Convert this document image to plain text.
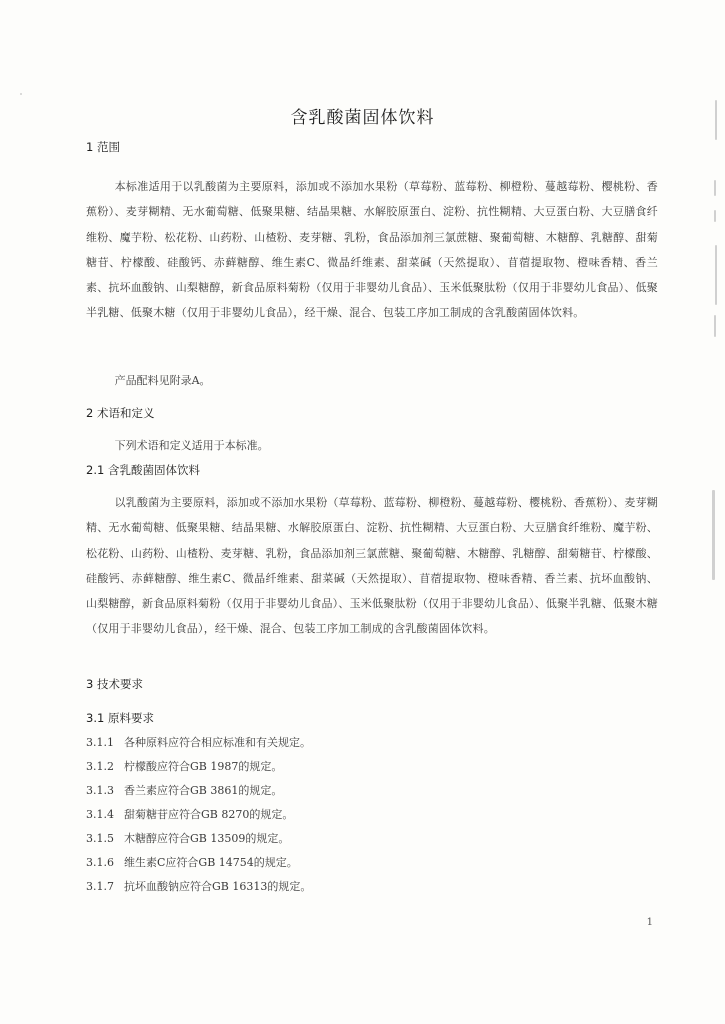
含乳酸菌固体饮料
1 范围
本标准适用于以乳酸菌为主要原料，添加或不添加水果粉（草莓粉、蓝莓粉、柳橙粉、蔓越莓粉、樱桃粉、香蕉粉）、麦芽糊精、无水葡萄糖、低聚果糖、结晶果糖、水解胶原蛋白、淀粉、抗性糊精、大豆蛋白粉、大豆膳食纤维粉、魔芋粉、松花粉、山药粉、山楂粉、麦芽糖、乳粉，食品添加剂三氯蔗糖、聚葡萄糖、木糖醇、乳糖醇、甜菊糖苷、柠檬酸、硅酸钙、赤藓糖醇、维生素C、微晶纤维素、甜菜碱（天然提取）、苜蓿提取物、橙味香精、香兰素、抗坏血酸钠、山梨糖醇，新食品原料菊粉（仅用于非婴幼儿食品）、玉米低聚肽粉（仅用于非婴幼儿食品）、低聚半乳糖、低聚木糖（仅用于非婴幼儿食品），经干燥、混合、包装工序加工制成的含乳酸菌固体饮料。
产品配料见附录A。
2 术语和定义
下列术语和定义适用于本标准。
2.1 含乳酸菌固体饮料
以乳酸菌为主要原料，添加或不添加水果粉（草莓粉、蓝莓粉、柳橙粉、蔓越莓粉、樱桃粉、香蕉粉）、麦芽糊精、无水葡萄糖、低聚果糖、结晶果糖、水解胶原蛋白、淀粉、抗性糊精、大豆蛋白粉、大豆膳食纤维粉、魔芋粉、松花粉、山药粉、山楂粉、麦芽糖、乳粉，食品添加剂三氯蔗糖、聚葡萄糖、木糖醇、乳糖醇、甜菊糖苷、柠檬酸、硅酸钙、赤藓糖醇、维生素C、微晶纤维素、甜菜碱（天然提取）、苜蓿提取物、橙味香精、香兰素、抗坏血酸钠、山梨糖醇，新食品原料菊粉（仅用于非婴幼儿食品）、玉米低聚肽粉（仅用于非婴幼儿食品）、低聚半乳糖、低聚木糖（仅用于非婴幼儿食品），经干燥、混合、包装工序加工制成的含乳酸菌固体饮料。
3 技术要求
3.1 原料要求
3.1.1 各种原料应符合相应标准和有关规定。
3.1.2 柠檬酸应符合GB 1987的规定。
3.1.3 香兰素应符合GB 3861的规定。
3.1.4 甜菊糖苷应符合GB 8270的规定。
3.1.5 木糖醇应符合GB 13509的规定。
3.1.6 维生素C应符合GB 14754的规定。
3.1.7 抗坏血酸钠应符合GB 16313的规定。
1
